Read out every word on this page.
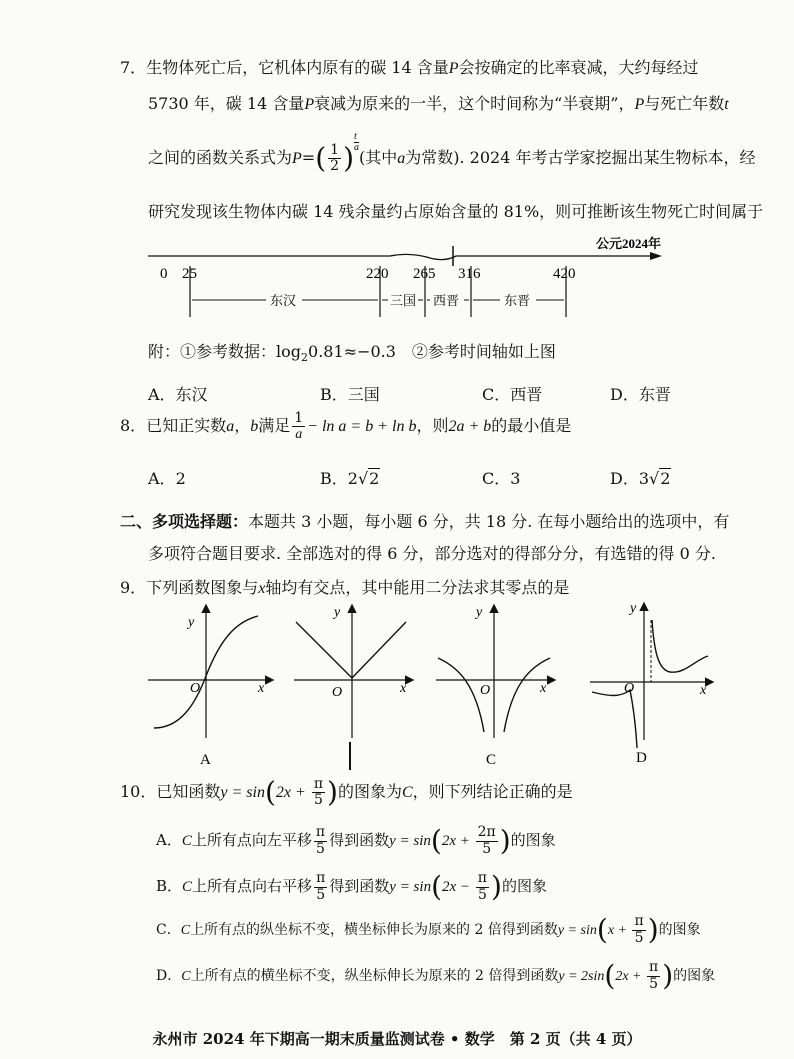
7．生物体死亡后，它机体内原有的碳 14 含量P会按确定的比率衰减，大约每经过
5730 年，碳 14 含量P衰减为原来的一半，这个时间称为“半衰期”，P与死亡年数t
之间的函数关系式为$P=( \frac{1}{2}$ ) $\frac{t}{a}$
(其中a为常数). 2024 年考古学家挖掘出某生物标本，经
研究发现该生物体内碳 14 残余量约占原始含量的 81%，则可推断该生物死亡时间属于
公元2024年
0 25	220 265 316	420
东汉	三国 西晋	东晋
附：①参考数据：$\log_20.81\approx-0.3$　 ②参考时间轴如上图
A．东汉	B．三国	C．西晋	D．东晋
8．已知正实数a，b满足 $\frac{1}{a} - \ln a = b + \ln b$，则2a + b的最小值是
A．2	B．2√2	C．3	D．3√2
二、多项选择题：本题共 3 小题，每小题 6 分，共 18 分. 在每小题给出的选项中，有
多项符合题目要求. 全部选对的得 6 分，部分选对的得部分分，有选错的得 0 分.
9．下列函数图象与x轴均有交点，其中能用二分法求其零点的是
y
x
O
y
x
O
y
x
O
y
x
O
A	C	D
10．已知函数$y = \sin(2x + \frac{\pi}{5}$ )的图象为C，则下列结论正确的是
A．C上所有点向左平移 $\frac{\pi}{5}$ 得到函数$y = \sin(2x + \frac{2\pi}{5}$ )的图象
B．C上所有点向右平移 $\frac{\pi}{5}$ 得到函数$y = \sin(2x - \frac{\pi}{5}$ )的图象
C．C上所有点的纵坐标不变，横坐标伸长为原来的 2 倍得到函数$y = \sin(x + \frac{\pi}{5}$ )的图象
D．C上所有点的横坐标不变，纵坐标伸长为原来的 2 倍得到函数$y = 2\sin(2x + \frac{\pi}{5}$ )的图象
永州市 2024 年下期高一期末质量监测试卷 • 数学　第 2 页（共 4 页）
